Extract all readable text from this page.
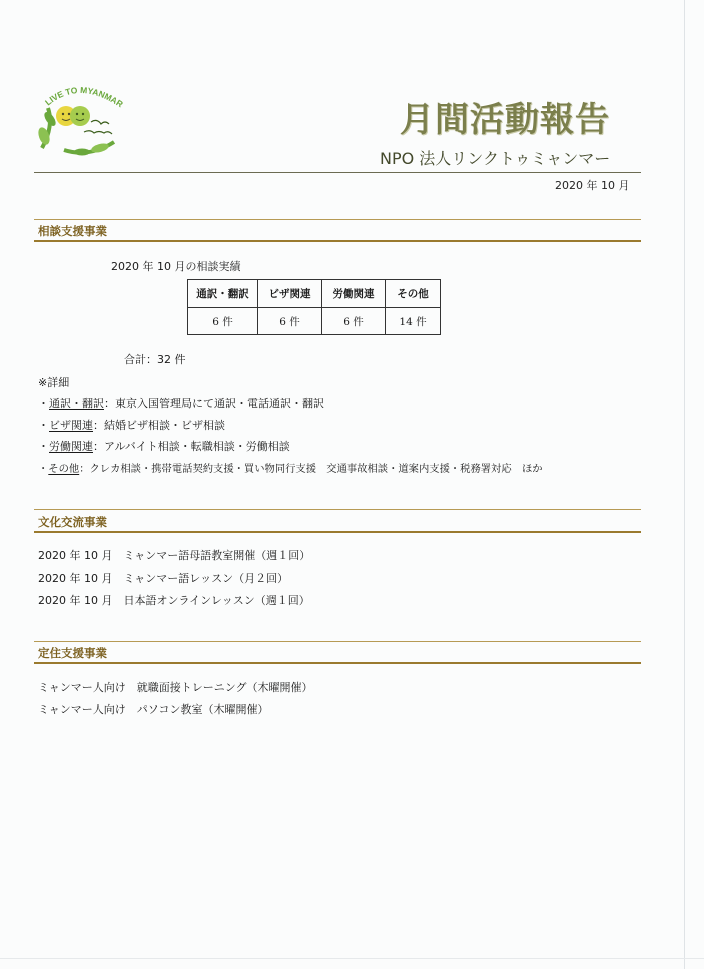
LIVE TO MYANMAR	月間活動報告
NPO 法人リンクトゥミャンマー
2020 年 10 月
相談支援事業
2020 年 10 月の相談実績
通訳・翻訳	ビザ関連	労働関連	その他
6 件	6 件	6 件	14 件
合計：32 件
※詳細
・通訳・翻訳：東京入国管理局にて通訳・電話通訳・翻訳
・ビザ関連：結婚ビザ相談・ビザ相談
・労働関連：アルバイト相談・転職相談・労働相談
・その他：クレカ相談・携帯電話契約支援・買い物同行支援　交通事故相談・道案内支援・税務署対応　ほか
文化交流事業
2020 年 10 月　ミャンマー語母語教室開催（週１回）
2020 年 10 月　ミャンマー語レッスン（月２回）
2020 年 10 月　日本語オンラインレッスン（週１回）
定住支援事業
ミャンマー人向け　就職面接トレーニング（木曜開催）
ミャンマー人向け　パソコン教室（木曜開催）
